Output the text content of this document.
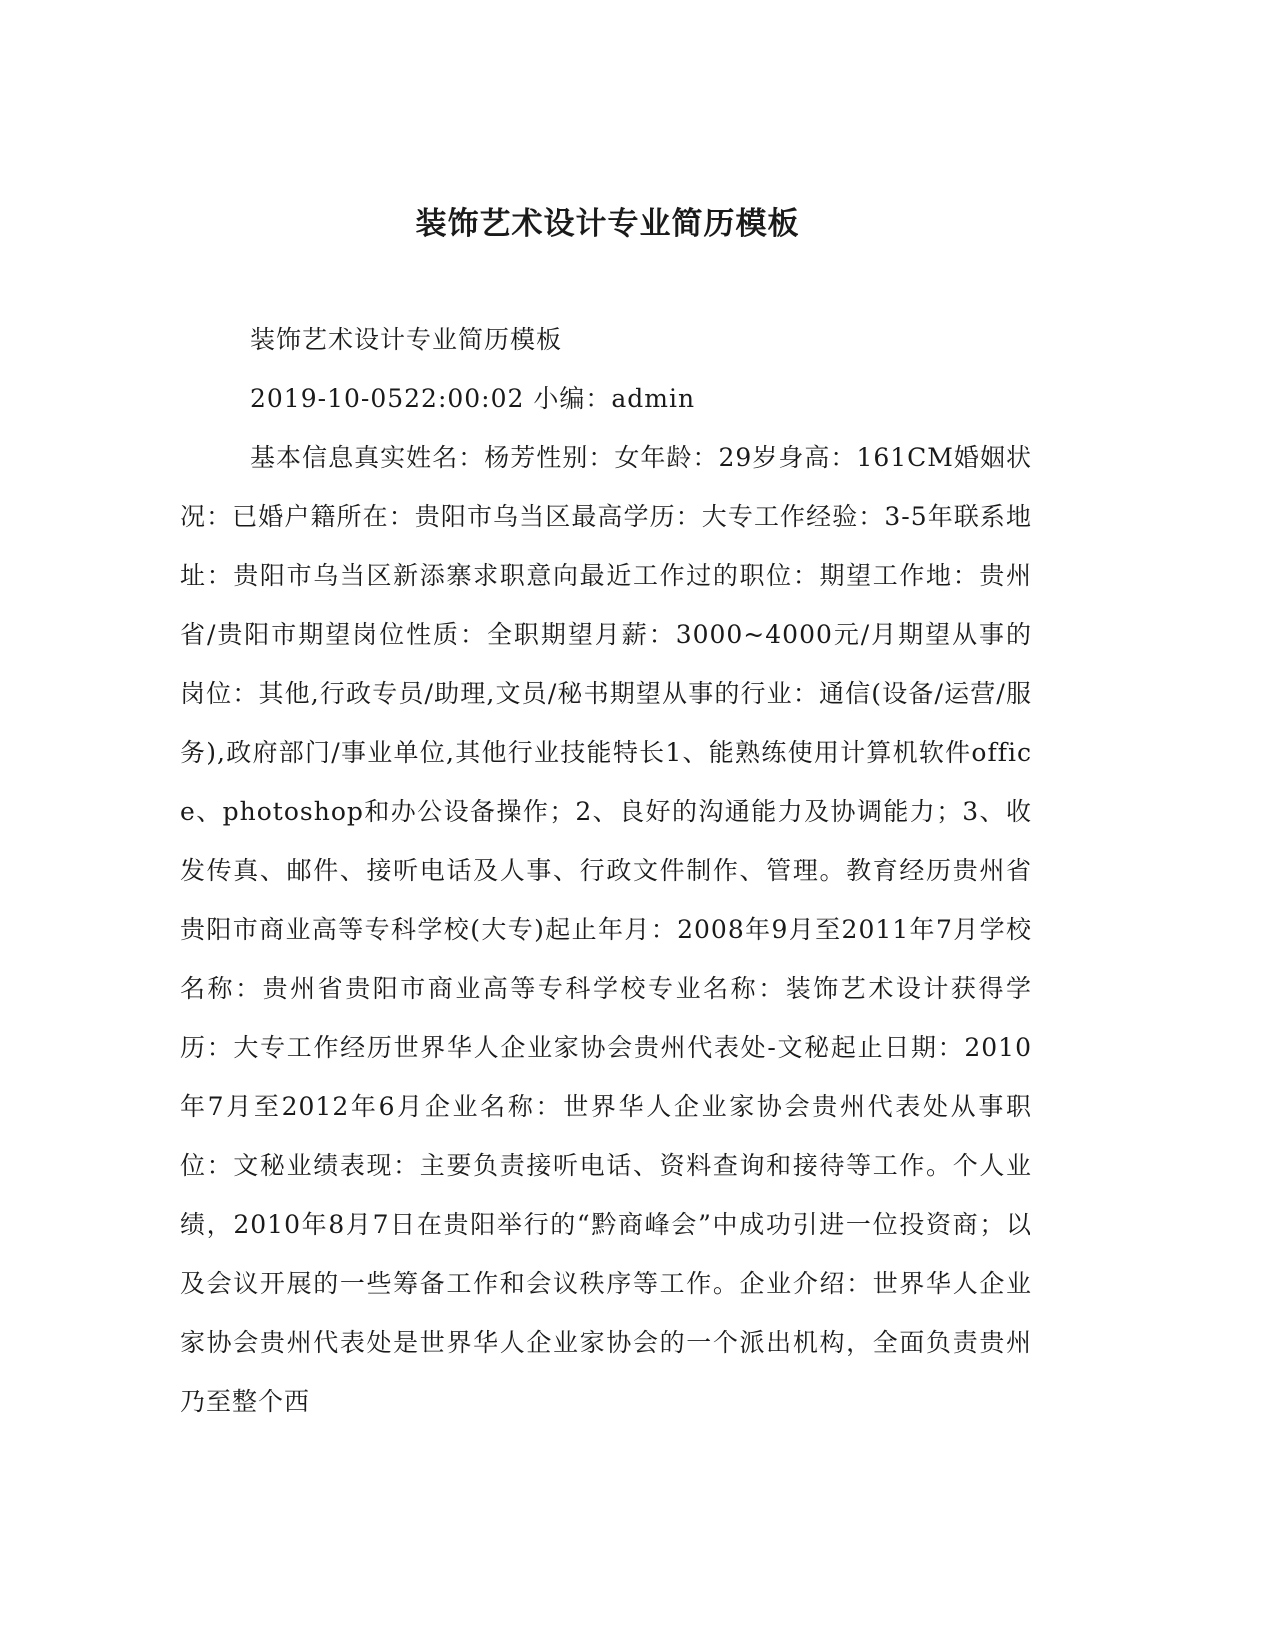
装饰艺术设计专业简历模板

装饰艺术设计专业简历模板

2019-10-0522:00:02 小编：admin

基本信息真实姓名：杨芳性别：女年龄：29岁身高：161CM婚姻状况：已婚户籍所在：贵阳市乌当区最高学历：大专工作经验：3-5年联系地址：贵阳市乌当区新添寨求职意向最近工作过的职位：期望工作地：贵州省/贵阳市期望岗位性质：全职期望月薪：3000~4000元/月期望从事的岗位：其他,行政专员/助理,文员/秘书期望从事的行业：通信(设备/运营/服务),政府部门/事业单位,其他行业技能特长1、能熟练使用计算机软件office、photoshop和办公设备操作；2、良好的沟通能力及协调能力；3、收发传真、邮件、接听电话及人事、行政文件制作、管理。教育经历贵州省贵阳市商业高等专科学校(大专)起止年月：2008年9月至2011年7月学校名称：贵州省贵阳市商业高等专科学校专业名称：装饰艺术设计获得学历：大专工作经历世界华人企业家协会贵州代表处-文秘起止日期：2010年7月至2012年6月企业名称：世界华人企业家协会贵州代表处从事职位：文秘业绩表现：主要负责接听电话、资料查询和接待等工作。个人业绩，2010年8月7日在贵阳举行的“黔商峰会”中成功引进一位投资商；以及会议开展的一些筹备工作和会议秩序等工作。企业介绍：世界华人企业家协会贵州代表处是世界华人企业家协会的一个派出机构，全面负责贵州乃至整个西
